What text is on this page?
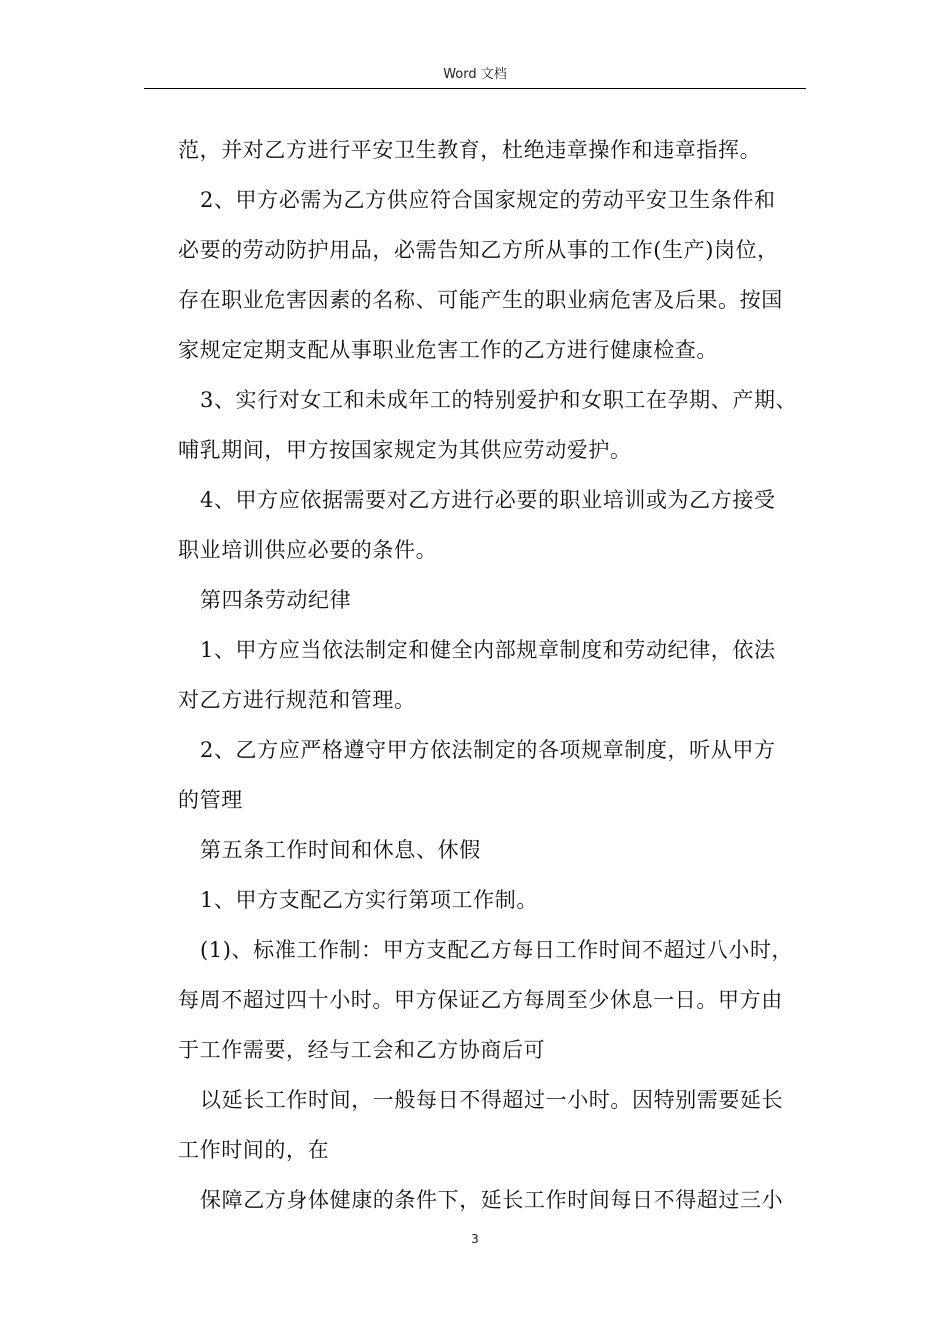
Word 文档
范，并对乙方进行平安卫生教育，杜绝违章操作和违章指挥。
2、甲方必需为乙方供应符合国家规定的劳动平安卫生条件和
必要的劳动防护用品，必需告知乙方所从事的工作(生产)岗位，
存在职业危害因素的名称、可能产生的职业病危害及后果。按国
家规定定期支配从事职业危害工作的乙方进行健康检查。
3、实行对女工和未成年工的特别爱护和女职工在孕期、产期、
哺乳期间，甲方按国家规定为其供应劳动爱护。
4、甲方应依据需要对乙方进行必要的职业培训或为乙方接受
职业培训供应必要的条件。
第四条劳动纪律
1、甲方应当依法制定和健全内部规章制度和劳动纪律，依法
对乙方进行规范和管理。
2、乙方应严格遵守甲方依法制定的各项规章制度，听从甲方
的管理
第五条工作时间和休息、休假
1、甲方支配乙方实行第项工作制。
(1)、标准工作制：甲方支配乙方每日工作时间不超过八小时，
每周不超过四十小时。甲方保证乙方每周至少休息一日。甲方由
于工作需要，经与工会和乙方协商后可
以延长工作时间，一般每日不得超过一小时。因特别需要延长
工作时间的，在
保障乙方身体健康的条件下，延长工作时间每日不得超过三小
3
